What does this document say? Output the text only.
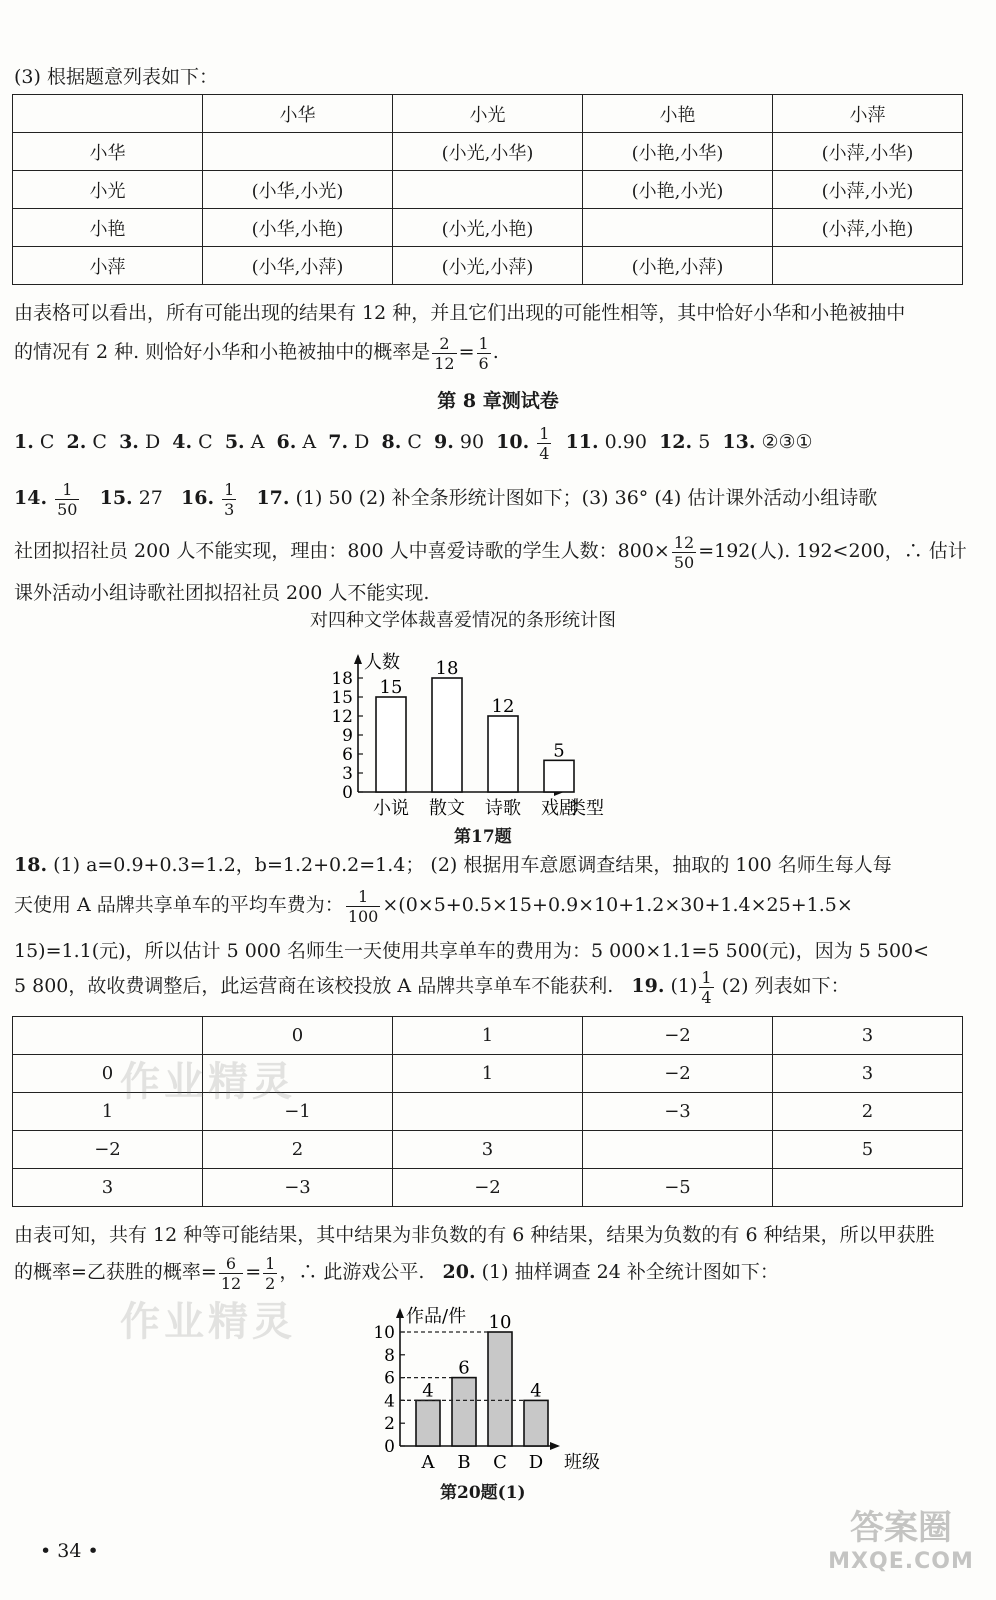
(3) 根据题意列表如下：
	小华	小光	小艳	小萍
小华		(小光,小华)	(小艳,小华)	(小萍,小华)
小光	(小华,小光)		(小艳,小光)	(小萍,小光)
小艳	(小华,小艳)	(小光,小艳)		(小萍,小艳)
小萍	(小华,小萍)	(小光,小萍)	(小艳,小萍)	
由表格可以看出，所有可能出现的结果有 12 种，并且它们出现的可能性相等，其中恰好小华和小艳被抽中
的情况有 2 种. 则恰好小华和小艳被抽中的概率是 $\frac{2}{12} = \frac{1}{6}$ .
第 8 章测试卷
1. C 2. C 3. D 4. C 5. A 6. A 7. D 8. C 9. 90 10. $\frac{1}{4} 11$. 0.90 12. 5 13. ②③①
14. $\frac{1}{50} 15$. 27 16. $\frac{1}{3} 17$. (1) 50 (2) 补全条形统计图如下；(3) 36° (4) 估计课外活动小组诗歌
社团拟招社员 200 人不能实现，理由：800 人中喜爱诗歌的学生人数：$800\times \frac{12}{50} =192$(人). 192<200，∴ 估计
课外活动小组诗歌社团拟招社员 200 人不能实现.
对四种文学体裁喜爱情况的条形统计图
人数
0
3
6
9
12
15
18 15
小说
18
散文
12
诗歌
5
戏剧
类型
第17题
18. (1) a=0.9+0.3=1.2，b=1.2+0.2=1.4； (2) 根据用车意愿调查结果，抽取的 100 名师生每人每
天使用 A 品牌共享单车的平均车费为： $\frac{1}{100} \times(0\times 5+0.5\times 15+0.9\times 10+1.2\times 30+1.4\times 25+1.5\times$
15)=1.1(元)，所以估计 5 000 名师生一天使用共享单车的费用为：5 000×1.1=5 500(元)，因为 5 500<
5 800，故收费调整后，此运营商在该校投放 A 品牌共享单车不能获利. 19. $(1) \frac{1}{4} (2)$ 列表如下：
	0	1	−2	3
0		1	−2	3
1	−1		−3	2
−2	2	3		5
3	−3	−2	−5	
由表可知，共有 12 种等可能结果，其中结果为非负数的有 6 种结果，结果为负数的有 6 种结果，所以甲获胜
的概率=乙获胜的概率= $\frac{6}{12} = \frac{1}{2}$ ，∴ 此游戏公平. 20. (1) 抽样调查 24 补全统计图如下：
作品/件
0
2
4
6
8
10
4
A
6
B
10
C
4
D 班级
第20题(1)
• 34 •
作业精灵
作业精灵
答案圈
MXQE.COM
